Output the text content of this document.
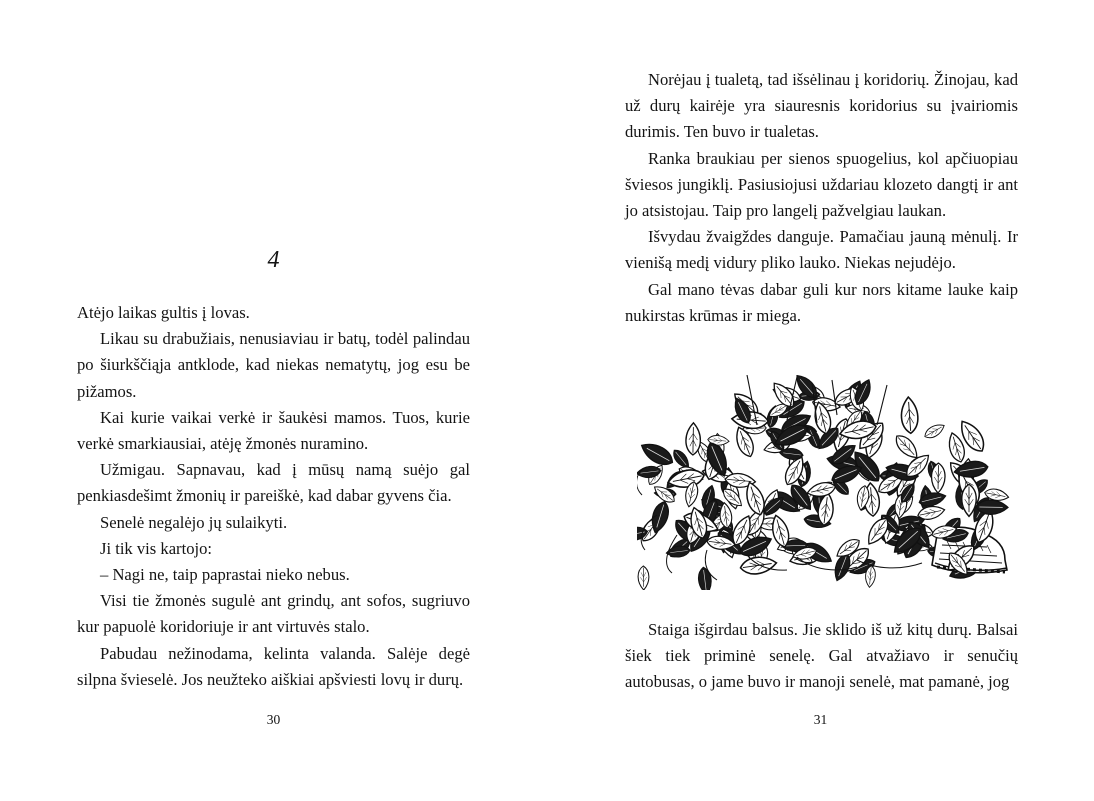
4

Atėjo laikas gultis į lovas.

Likau su drabužiais, nenusiaviau ir batų, todėl palindau po šiurkščiąja antklode, kad niekas nematytų, jog esu be pižamos.

Kai kurie vaikai verkė ir šaukėsi mamos. Tuos, kurie verkė smarkiausiai, atėję žmonės nuramino.

Užmigau. Sapnavau, kad į mūsų namą suėjo gal penkiasdešimt žmonių ir pareiškė, kad dabar gyvens čia.

Senelė negalėjo jų sulaikyti.

Ji tik vis kartojo:

– Nagi ne, taip paprastai nieko nebus.

Visi tie žmonės sugulė ant grindų, ant sofos, sugriuvo kur papuolė koridoriuje ir ant virtuvės stalo.

Pabudau nežinodama, kelinta valanda. Salėje degė silpna švieselė. Jos neužteko aiškiai apšviesti lovų ir durų.

30

Norėjau į tualetą, tad išsėlinau į koridorių. Žinojau, kad už durų kairėje yra siauresnis koridorius su įvairiomis durimis. Ten buvo ir tualetas.

Ranka braukiau per sienos spuogelius, kol apčiuopiau šviesos jungiklį. Pasiusiojusi uždariau klozeto dangtį ir ant jo atsistojau. Taip pro langelį pažvelgiau laukan.

Išvydau žvaigždes danguje. Pamačiau jauną mėnulį. Ir vienišą medį vidury pliko lauko. Niekas nejudėjo.

Gal mano tėvas dabar guli kur nors kitame lauke kaip nukirstas krūmas ir miega.

Staiga išgirdau balsus. Jie sklido iš už kitų durų. Balsai šiek tiek priminė senelę. Gal atvažiavo ir senučių autobusas, o jame buvo ir manoji senelė, mat pamanė, jog

31
